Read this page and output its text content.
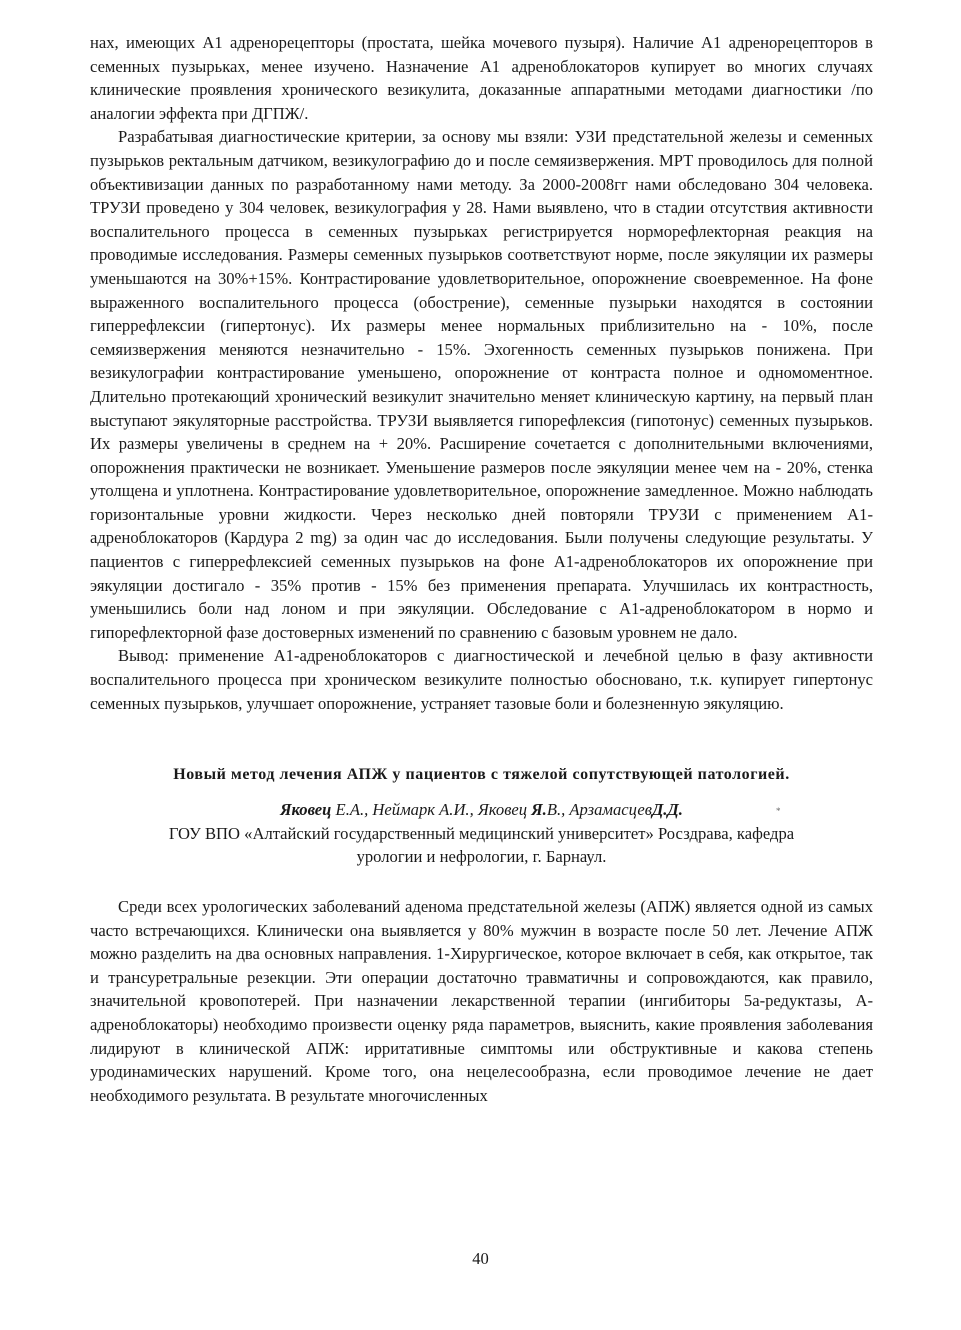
нах, имеющих А1 адренорецепторы (простата, шейка мочевого пузыря). Наличие А1 адренорецепторов в семенных пузырьках, менее изучено. Назначение А1 адреноблокаторов купирует во многих случаях клинические проявления хронического везикулита, доказанные аппаратными методами диагностики /по аналогии эффекта при ДГПЖ/.

Разрабатывая диагностические критерии, за основу мы взяли: УЗИ предстательной железы и семенных пузырьков ректальным датчиком, везикулографию до и после семяизвержения. МРТ проводилось для полной объективизации данных по разработанному нами методу. За 2000-2008гг нами обследовано 304 человека. ТРУЗИ проведено у 304 человек, везикулография у 28. Нами выявлено, что в стадии отсутствия активности воспалительного процесса в семенных пузырьках регистрируется норморефлекторная реакция на проводимые исследования. Размеры семенных пузырьков соответствуют норме, после эякуляции их размеры уменьшаются на 30%+15%. Контрастирование удовлетворительное, опорожнение своевременное. На фоне выраженного воспалительного процесса (обострение), семенные пузырьки находятся в состоянии гиперрефлексии (гипертонус). Их размеры менее нормальных приблизительно на - 10%, после семяизвержения меняются незначительно - 15%. Эхогенность семенных пузырьков понижена. При везикулографии контрастирование уменьшено, опорожнение от контраста полное и одномоментное. Длительно протекающий хронический везикулит значительно меняет клиническую картину, на первый план выступают эякуляторные расстройства. ТРУЗИ выявляется гипорефлексия (гипотонус) семенных пузырьков. Их размеры увеличены в среднем на + 20%. Расширение сочетается с дополнительными включениями, опорожнения практически не возникает. Уменьшение размеров после эякуляции менее чем на - 20%, стенка утолщена и уплотнена. Контрастирование удовлетворительное, опорожнение замедленное. Можно наблюдать горизонтальные уровни жидкости. Через несколько дней повторяли ТРУЗИ с применением А1-адреноблокаторов (Кардура 2 mg) за один час до исследования. Были получены следующие результаты. У пациентов с гиперрефлексией семенных пузырьков на фоне А1-адреноблокаторов их опорожнение при эякуляции достигало - 35% против - 15% без применения препарата. Улучшилась их контрастность, уменьшились боли над лоном и при эякуляции. Обследование с А1-адреноблокатором в нормо и гипорефлекторной фазе достоверных изменений по сравнению с базовым уровнем не дало.

Вывод: применение А1-адреноблокаторов с диагностической и лечебной целью в фазу активности воспалительного процесса при хроническом везикулите полностью обосновано, т.к. купирует гипертонус семенных пузырьков, улучшает опорожнение, устраняет тазовые боли и болезненную эякуляцию.

Новый метод лечения АПЖ у пациентов с тяжелой сопутствующей патологией.

Яковец Е.А., Неймарк А.И., Яковец Я.В., АрзамасцевД.Д.	*

ГОУ ВПО «Алтайский государственный медицинский университет» Росздрава, кафедра

урологии и нефрологии, г. Барнаул.

Среди всех урологических заболеваний аденома предстательной железы (АПЖ) является одной из самых часто встречающихся. Клинически она выявляется у 80% мужчин в возрасте после 50 лет. Лечение АПЖ можно разделить на два основных направления. 1-Хирургическое, которое включает в себя, как открытое, так и трансуретральные резекции. Эти операции достаточно травматичны и сопровождаются, как правило, значительной кровопотерей. При назначении лекарственной терапии (ингибиторы 5а-редуктазы, А-адреноблокаторы) необходимо произвести оценку ряда параметров, выяснить, какие проявления заболевания лидируют в клинической АПЖ: ирритативные симптомы или обструктивные и какова степень уродинамических нарушений. Кроме того, она нецелесообразна, если проводимое лечение не дает необходимого результата. В результате многочисленных

40
